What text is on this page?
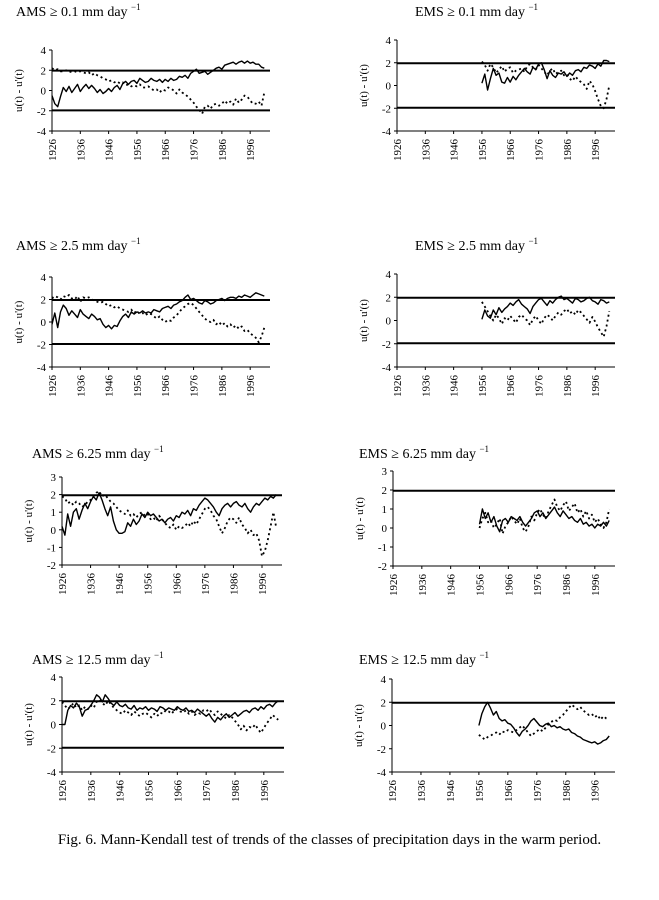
AMS ≥ 0.1 mm day $^{-1}$
u(t) - u'(t)
4
2
0
-2
-4
1926 1936 1946 1956 1966 1976 1986 1996
EMS ≥ 0.1 mm day $^{-1}$
u(t) - u'(t)
4
2
0
-2
-4
1926 1936 1946 1956 1966 1976 1986 1996
AMS ≥ 2.5 mm day $^{-1}$
u(t) - u'(t)
4
2
0
-2
-4
1926 1936 1946 1956 1966 1976 1986 1996
EMS ≥ 2.5 mm day $^{-1}$
u(t) - u'(t)
4
2
0
-2
-4
1926 1936 1946 1956 1966 1976 1986 1996
AMS ≥ 6.25 mm day $^{-1}$
u(t) - u'(t)
3
2
1
0
-1
-2
1926 1936 1946 1956 1966 1976 1986 1996
EMS ≥ 6.25 mm day $^{-1}$
u(t) - u'(t)
3
2
1
0
-1
-2
1926 1936 1946 1956 1966 1976 1986 1996
AMS ≥ 12.5 mm day $^{-1}$
u(t) - u'(t)
4
2
0
-2
-4
1926 1936 1946 1956 1966 1976 1986 1996
EMS ≥ 12.5 mm day $^{-1}$
u(t) - u'(t)
4
2
0
-2
-4
1926 1936 1946 1956 1966 1976 1986 1996
Fig. 6. Mann-Kendall test of trends of the classes of precipitation days in the warm period.
